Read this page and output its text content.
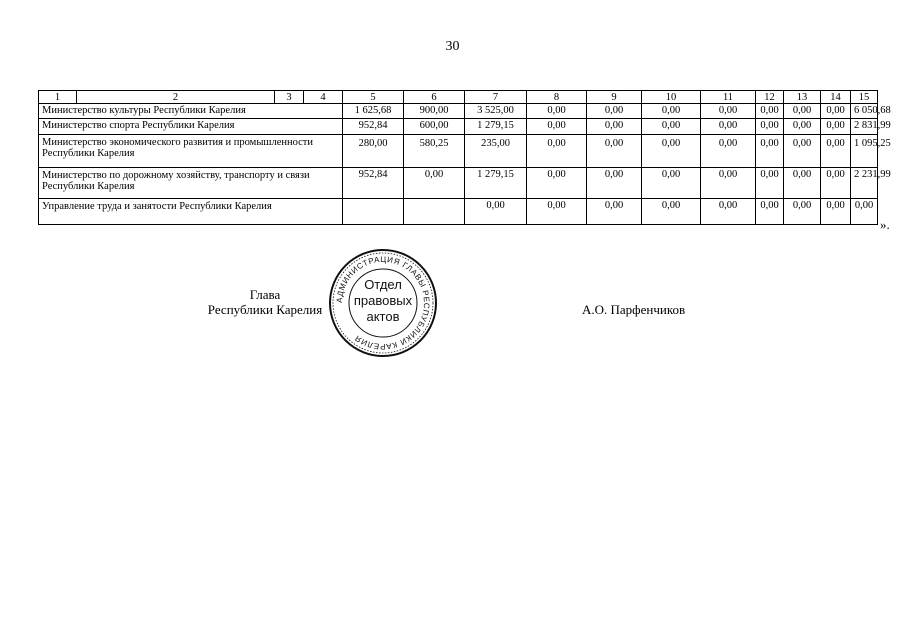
30
1	2	3	4	5	6	7	8	9	10	11	12	13	14	15
Министерство культуры Республики Карелия				1 625,68	900,00	3 525,00	0,00	0,00	0,00	0,00	0,00	0,00	0,00	6 050,68
Министерство спорта Республики Карелия				952,84	600,00	1 279,15	0,00	0,00	0,00	0,00	0,00	0,00	0,00	2 831,99
Министерство экономического развития и промышленности Республики Карелия				280,00	580,25	235,00	0,00	0,00	0,00	0,00	0,00	0,00	0,00	1 095,25
Министерство по дорожному хозяйству, транспорту и связи Республики Карелия				952,84	0,00	1 279,15	0,00	0,00	0,00	0,00	0,00	0,00	0,00	2 231,99
Управление труда и занятости Республики Карелия						0,00	0,00	0,00	0,00	0,00	0,00	0,00	0,00	0,00
».
Глава
Республики Карелия
АДМИНИСТРАЦИЯ ГЛАВЫ РЕСПУБЛИКИ КАРЕЛИЯ
Отдел
правовых
актов	А.О. Парфенчиков
